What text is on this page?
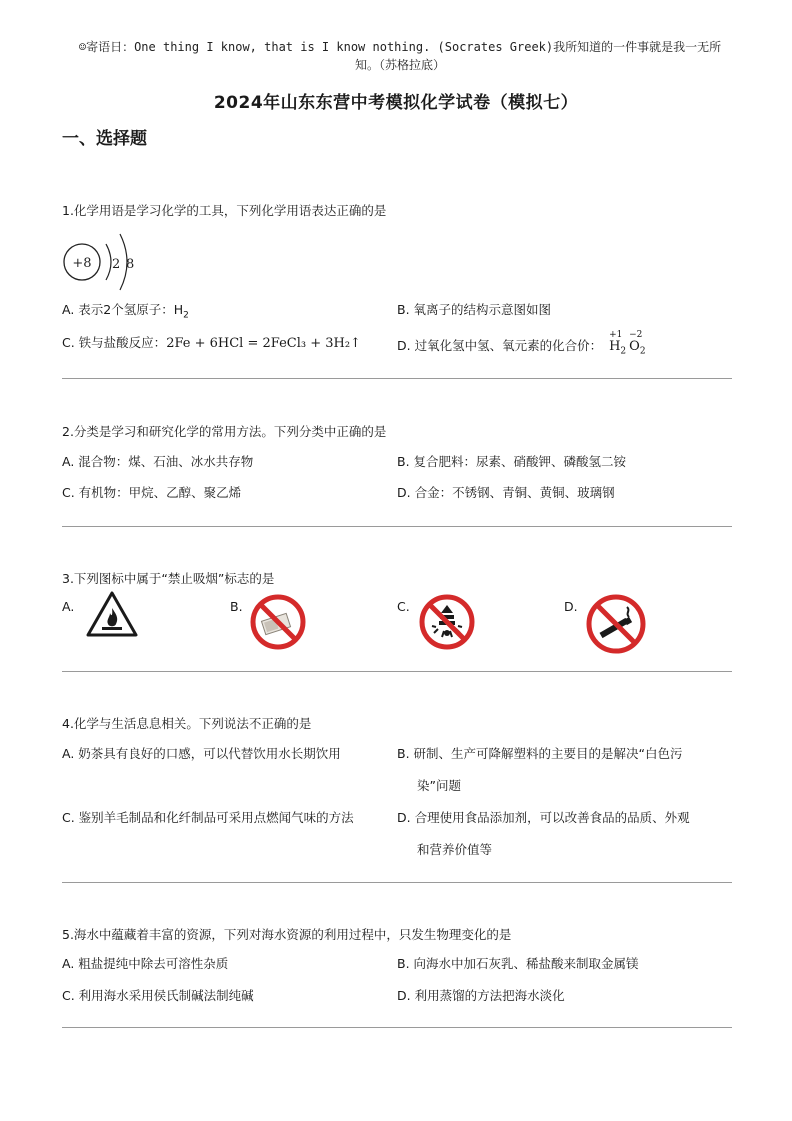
☺寄语日：One thing I know, that is I know nothing. (Socrates Greek)我所知道的一件事就是我一无所
知。（苏格拉底）
2024年山东东营中考模拟化学试卷（模拟七）
一、选择题
1.化学用语是学习化学的工具，下列化学用语表达正确的是
+8 2 8
A. 表示2个氢原子：$H_2$	B. 氧离子的结构示意图如图
C. 铁与盐酸反应：2Fe + 6HCl = 2FeCl₃ + 3H₂↑	D. 过氧化氢中氢、氧元素的化合价：
+1
$H_2$
−2
$O_2$
2.分类是学习和研究化学的常用方法。下列分类中正确的是
A. 混合物：煤、石油、冰水共存物	B. 复合肥料：尿素、硝酸钾、磷酸氢二铵
C. 有机物：甲烷、乙醇、聚乙烯	D. 合金：不锈钢、青铜、黄铜、玻璃钢
3.下列图标中属于“禁止吸烟”标志的是
A.	B.	C.	D.
4.化学与生活息息相关。下列说法不正确的是
A. 奶茶具有良好的口感，可以代替饮用水长期饮用	B. 研制、生产可降解塑料的主要目的是解决“白色污
染”问题
C. 鉴别羊毛制品和化纤制品可采用点燃闻气味的方法	D. 合理使用食品添加剂，可以改善食品的品质、外观
和营养价值等
5.海水中蕴藏着丰富的资源，下列对海水资源的利用过程中，只发生物理变化的是
A. 粗盐提纯中除去可溶性杂质	B. 向海水中加石灰乳、稀盐酸来制取金属镁
C. 利用海水采用侯氏制碱法制纯碱	D. 利用蒸馏的方法把海水淡化
